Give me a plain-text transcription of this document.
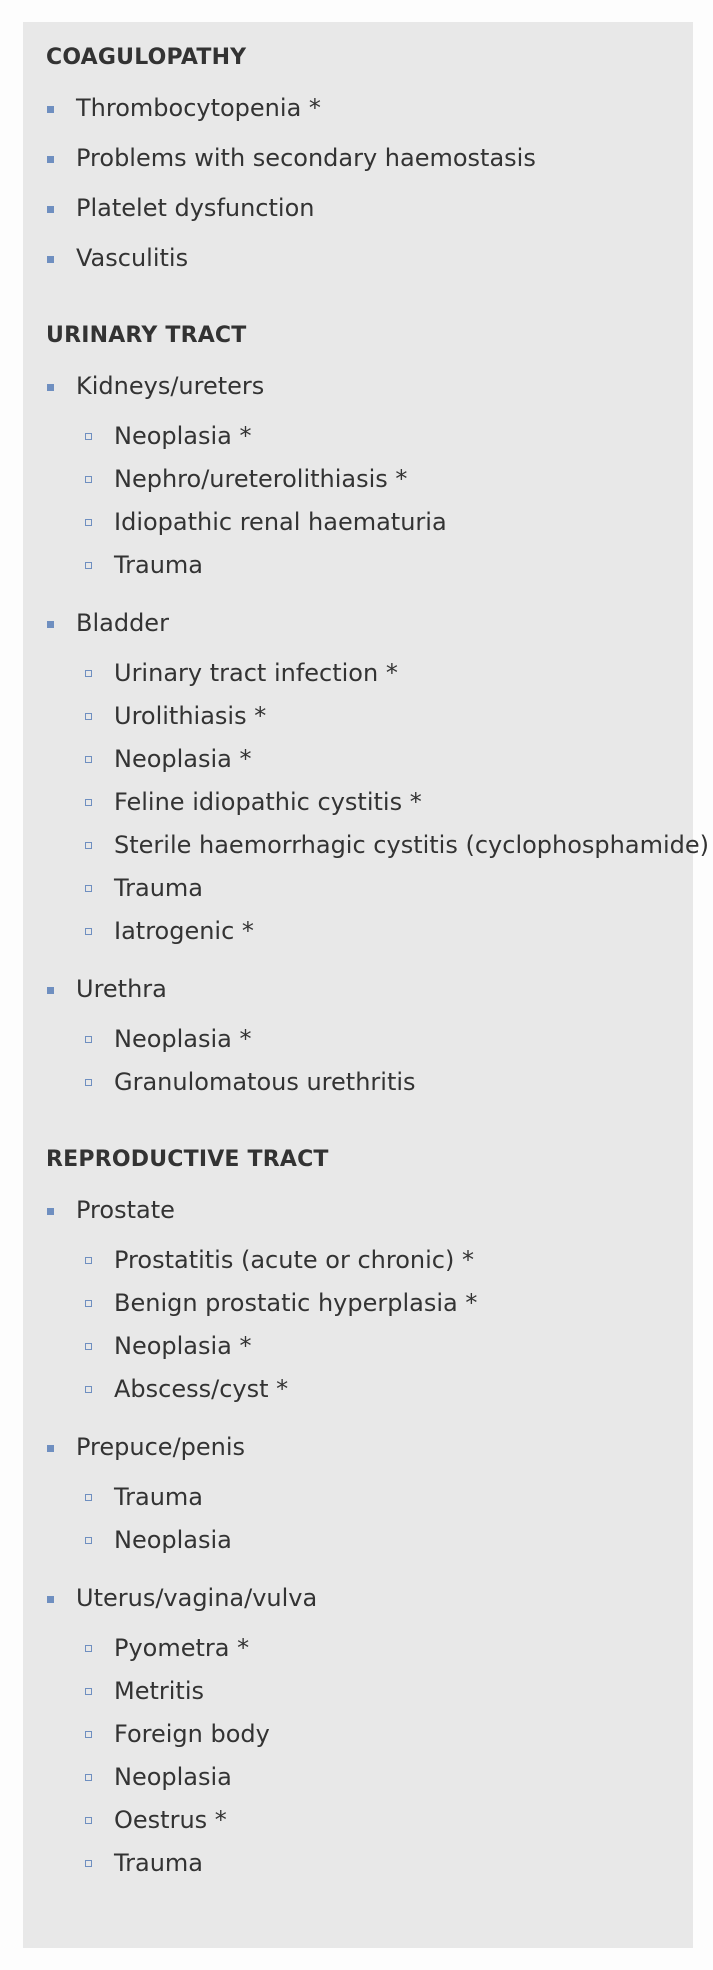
COAGULOPATHY
Thrombocytopenia *
Problems with secondary haemostasis
Platelet dysfunction
Vasculitis
URINARY TRACT
Kidneys/ureters
Neoplasia *
Nephro/ureterolithiasis *
Idiopathic renal haematuria
Trauma
Bladder
Urinary tract infection *
Urolithiasis *
Neoplasia *
Feline idiopathic cystitis *
Sterile haemorrhagic cystitis (cyclophosphamide)
Trauma
Iatrogenic *
Urethra
Neoplasia *
Granulomatous urethritis
REPRODUCTIVE TRACT
Prostate
Prostatitis (acute or chronic) *
Benign prostatic hyperplasia *
Neoplasia *
Abscess/cyst *
Prepuce/penis
Trauma
Neoplasia
Uterus/vagina/vulva
Pyometra *
Metritis
Foreign body
Neoplasia
Oestrus *
Trauma
